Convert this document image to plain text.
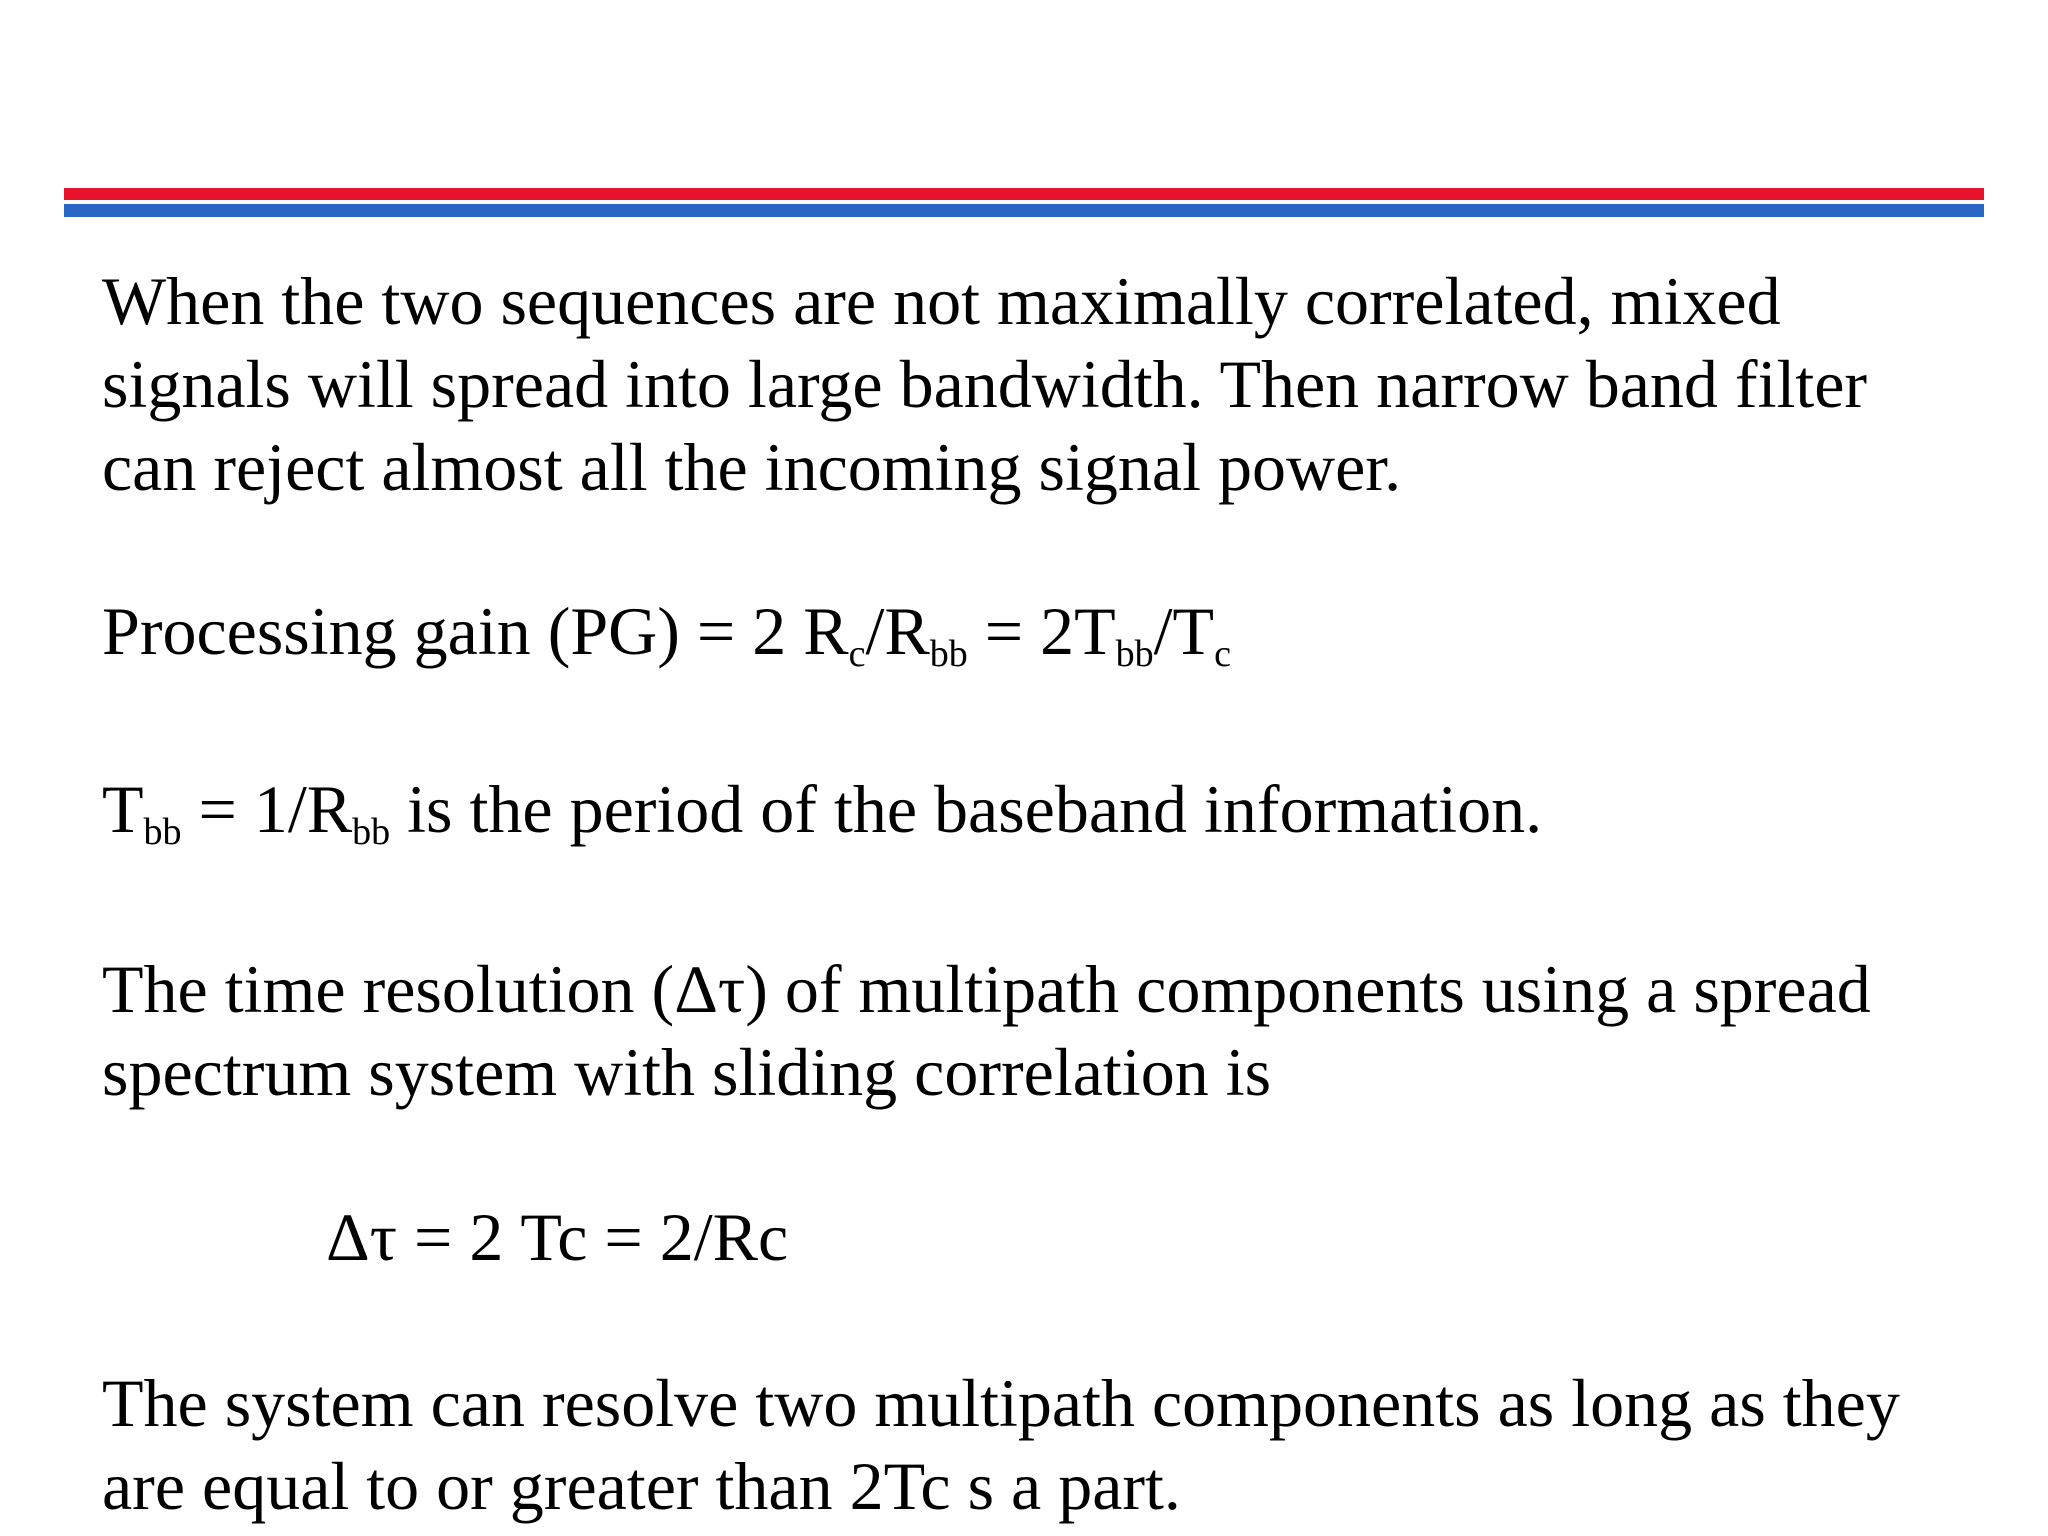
When the two sequences are not maximally correlated, mixed
signals will spread into large bandwidth. Then narrow band filter
can reject almost all the incoming signal power.

Processing gain (PG) = 2 $R_c/R_{bb} = 2T_{bb}/T_c$

$T_{bb} = 1/R_{bb}$ is the period of the baseband information.

The time resolution (Δτ) of multipath components using a spread
spectrum system with sliding correlation is

Δτ = 2 Tc = 2/Rc

The system can resolve two multipath components as long as they
are equal to or greater than 2Tc s a part.
